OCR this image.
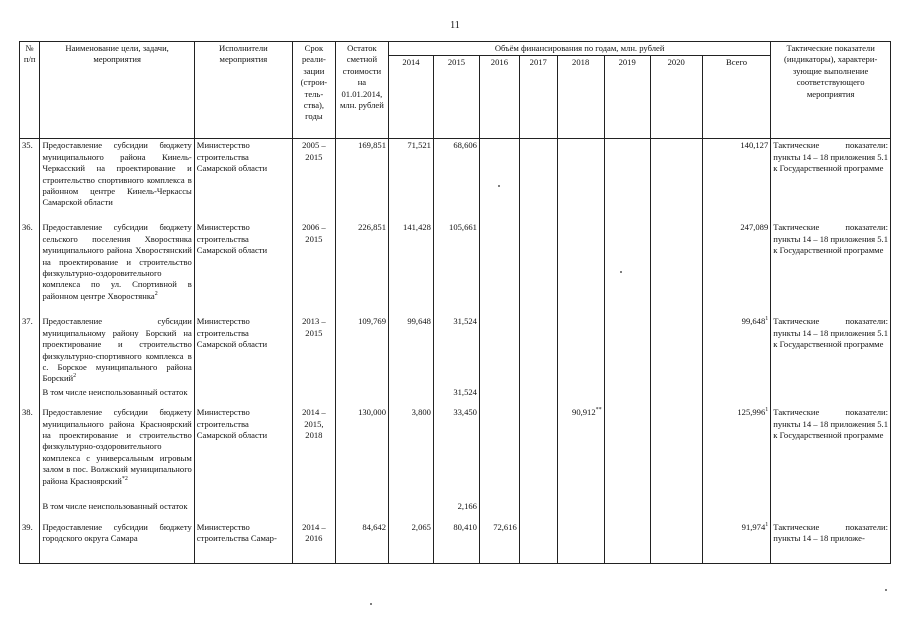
11
№ п/п	Наименование цели, задачи, мероприятия	Исполнители мероприятия	Срок реали-зации (строи-тель-ства), годы	Остаток сметной стоимости на 01.01.2014, млн. рублей	Объём финансирования по годам, млн. рублей								Тактические показатели (индикаторы), характери-зующие выполнение соответствующего мероприятия
					2014	2015	2016	2017	2018	2019	2020	Всего	
35.	Предоставление субсидии бюджету муниципального района Кинель-Черкасский на проектирование и строительство спортивного комплекса в районном центре Кинель-Черкассы Самарской области	Министерство строительства Самарской области	2005 – 2015	169,851	71,521	68,606						140,127	Тактические показатели: пункты 14 – 18 приложения 5.1 к Государственной программе
36.	Предоставление субсидии бюджету сельского поселения Хворостянка муниципального района Хворостянский на проектирование и строительство физкультурно-оздоровительного комплекса по ул. Спортивной в районном центре Хворостянка$^2$	Министерство строительства Самарской области	2006 – 2015	226,851	141,428	105,661						247,089	Тактические показатели: пункты 14 – 18 приложения 5.1 к Государственной программе
37.	Предоставление субсидии муниципальному району Борский на проектирование и строительство физкультурно-спортивного комплекса в с. Борское муниципального района Борский$^2$	Министерство строительства Самарской области	2013 – 2015	109,769	99,648	31,524						99,648$^1$	Тактические показатели: пункты 14 – 18 приложения 5.1 к Государственной программе
	В том числе неиспользованный остаток					31,524							
38.	Предоставление субсидии бюджету муниципального района Красноярский на проектирование и строительство физкультурно-оздоровительного комплекса с универсальным игровым залом в пос. Волжский муниципального района Красноярский$^{*2}$	Министерство строительства Самарской области	2014 – 2015, 2018	130,000	3,800	33,450			90,912**			125,996$^1$	Тактические показатели: пункты 14 – 18 приложения 5.1 к Государственной программе
	В том числе неиспользованный остаток					2,166							
39.	Предоставление субсидии бюджету городского округа Самара	Министерство строительства Самар-	2014 – 2016	84,642	2,065	80,410	72,616					91,974$^1$	Тактические показатели: пункты 14 – 18 приложе-
